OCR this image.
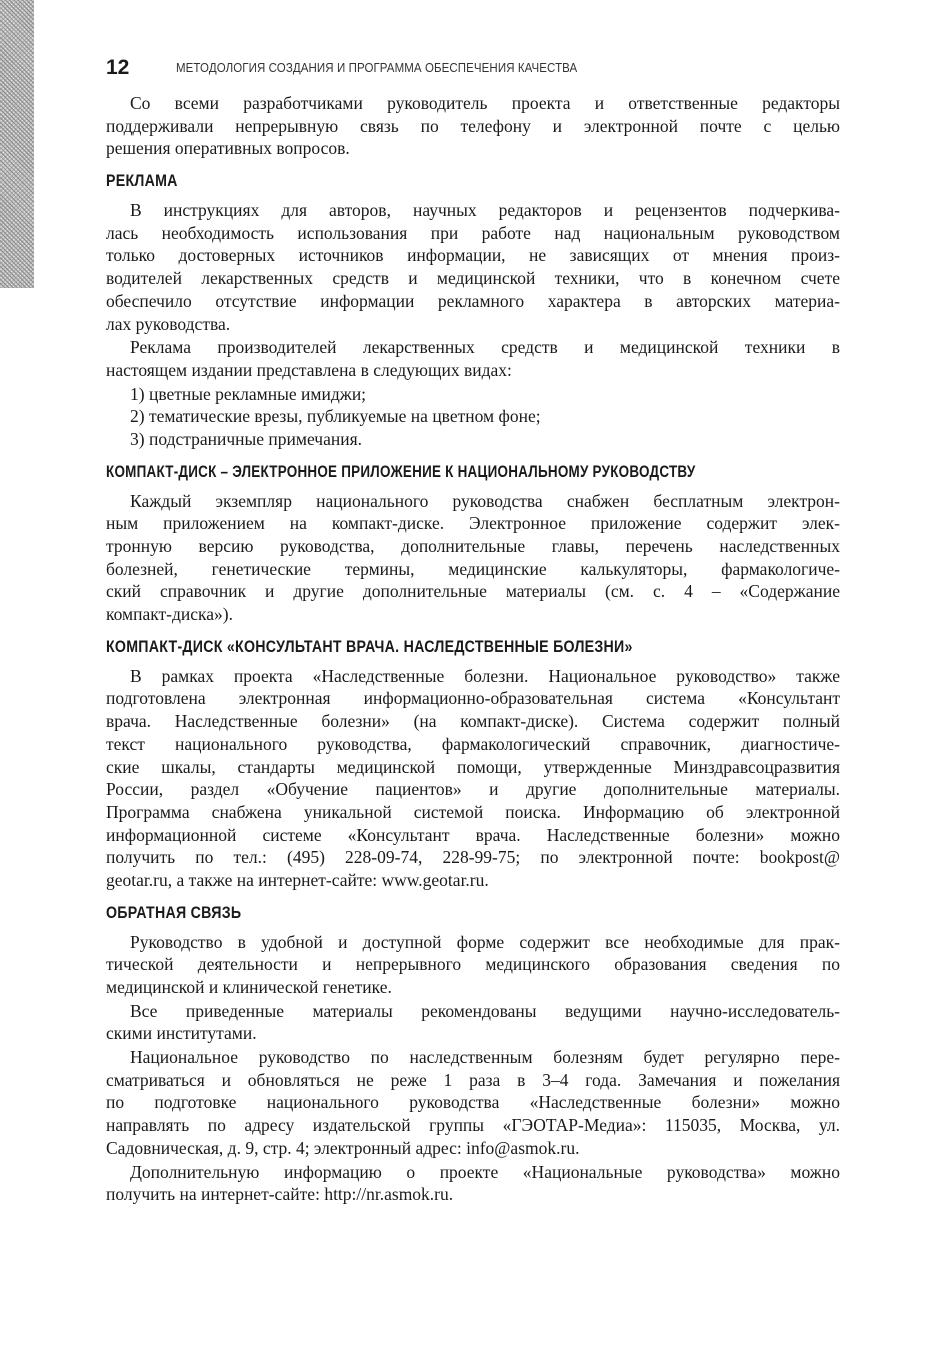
12	МЕТОДОЛОГИЯ СОЗДАНИЯ И ПРОГРАММА ОБЕСПЕЧЕНИЯ КАЧЕСТВА
Со всеми разработчиками руководитель проекта и ответственные редакторы
поддерживали непрерывную связь по телефону и электронной почте с целью
решения оперативных вопросов.
РЕКЛАМА
В инструкциях для авторов, научных редакторов и рецензентов подчеркива-
лась необходимость использования при работе над национальным руководством
только достоверных источников информации, не зависящих от мнения произ-
водителей лекарственных средств и медицинской техники, что в конечном счете
обеспечило отсутствие информации рекламного характера в авторских материа-
лах руководства.
Реклама производителей лекарственных средств и медицинской техники в
настоящем издании представлена в следующих видах:
1) цветные рекламные имиджи;
2) тематические врезы, публикуемые на цветном фоне;
3) подстраничные примечания.
КОМПАКТ-ДИСК – ЭЛЕКТРОННОЕ ПРИЛОЖЕНИЕ К НАЦИОНАЛЬНОМУ РУКОВОДСТВУ
Каждый экземпляр национального руководства снабжен бесплатным электрон-
ным приложением на компакт-диске. Электронное приложение содержит элек-
тронную версию руководства, дополнительные главы, перечень наследственных
болезней, генетические термины, медицинские калькуляторы, фармакологиче-
ский справочник и другие дополнительные материалы (см. с. 4 – «Содержание
компакт-диска»).
КОМПАКТ-ДИСК «КОНСУЛЬТАНТ ВРАЧА. НАСЛЕДСТВЕННЫЕ БОЛЕЗНИ»
В рамках проекта «Наследственные болезни. Национальное руководство» также
подготовлена электронная информационно-образовательная система «Консультант
врача. Наследственные болезни» (на компакт-диске). Система содержит полный
текст национального руководства, фармакологический справочник, диагностиче-
ские шкалы, стандарты медицинской помощи, утвержденные Минздравсоцразвития
России, раздел «Обучение пациентов» и другие дополнительные материалы.
Программа снабжена уникальной системой поиска. Информацию об электронной
информационной системе «Консультант врача. Наследственные болезни» можно
получить по тел.: (495) 228-09-74, 228-99-75; по электронной почте: bookpost@
geotar.ru, а также на интернет-сайте: www.geotar.ru.
ОБРАТНАЯ СВЯЗЬ
Руководство в удобной и доступной форме содержит все необходимые для прак-
тической деятельности и непрерывного медицинского образования сведения по
медицинской и клинической генетике.
Все приведенные материалы рекомендованы ведущими научно-исследователь-
скими институтами.
Национальное руководство по наследственным болезням будет регулярно пере-
сматриваться и обновляться не реже 1 раза в 3–4 года. Замечания и пожелания
по подготовке национального руководства «Наследственные болезни» можно
направлять по адресу издательской группы «ГЭОТАР-Медиа»: 115035, Москва, ул.
Садовническая, д. 9, стр. 4; электронный адрес: info@asmok.ru.
Дополнительную информацию о проекте «Национальные руководства» можно
получить на интернет-сайте: http://nr.asmok.ru.
